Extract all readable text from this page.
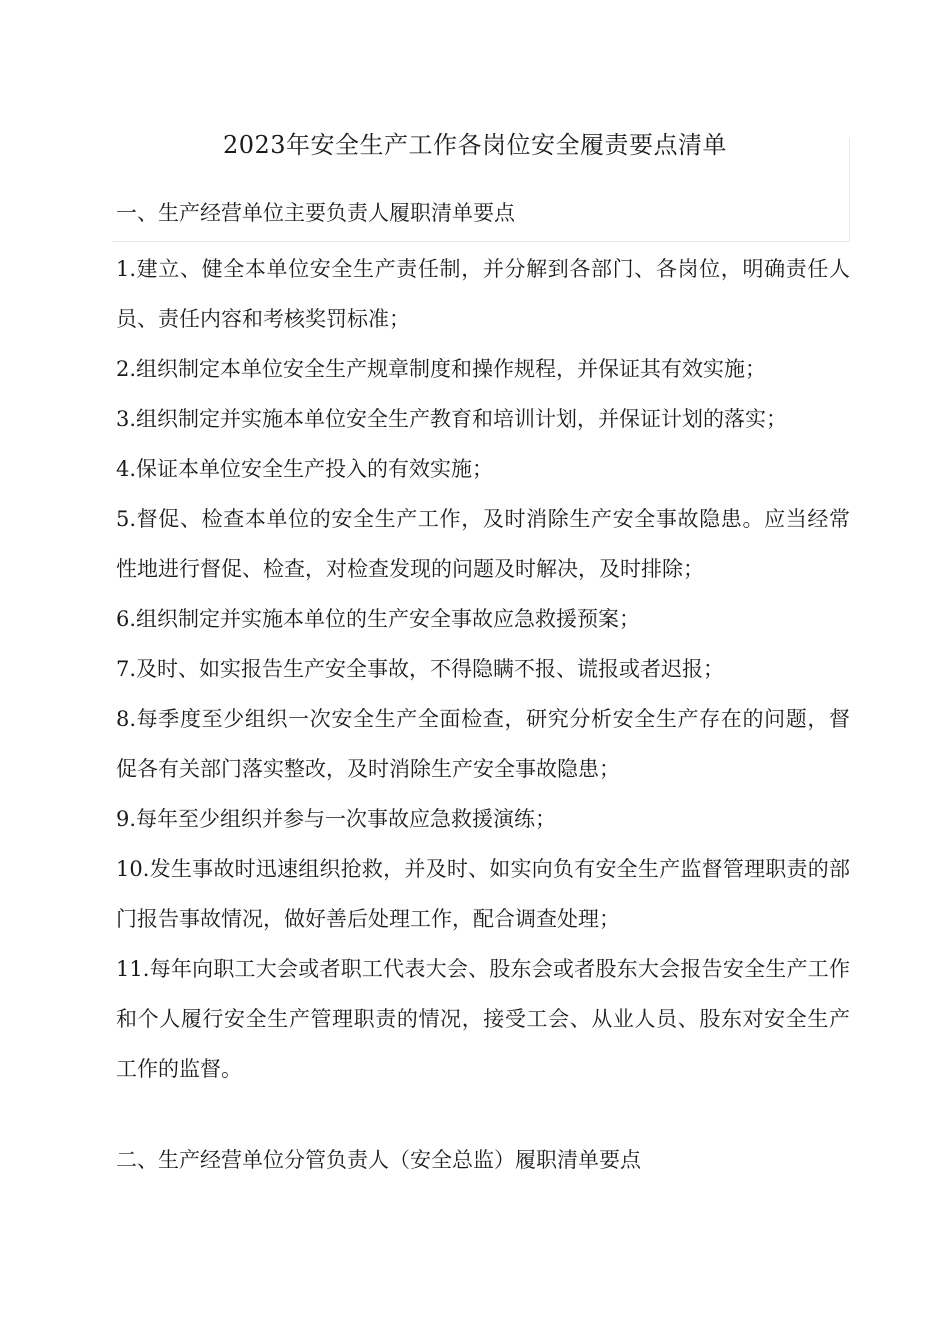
2023年安全生产工作各岗位安全履责要点清单
一、生产经营单位主要负责人履职清单要点
1.建立、健全本单位安全生产责任制，并分解到各部门、各岗位，明确责任人员、责任内容和考核奖罚标准；
2.组织制定本单位安全生产规章制度和操作规程，并保证其有效实施；
3.组织制定并实施本单位安全生产教育和培训计划，并保证计划的落实；
4.保证本单位安全生产投入的有效实施；
5.督促、检查本单位的安全生产工作，及时消除生产安全事故隐患。应当经常性地进行督促、检查，对检查发现的问题及时解决，及时排除；
6.组织制定并实施本单位的生产安全事故应急救援预案；
7.及时、如实报告生产安全事故，不得隐瞒不报、谎报或者迟报；
8.每季度至少组织一次安全生产全面检查，研究分析安全生产存在的问题，督促各有关部门落实整改，及时消除生产安全事故隐患；
9.每年至少组织并参与一次事故应急救援演练；
10.发生事故时迅速组织抢救，并及时、如实向负有安全生产监督管理职责的部门报告事故情况，做好善后处理工作，配合调查处理；
11.每年向职工大会或者职工代表大会、股东会或者股东大会报告安全生产工作和个人履行安全生产管理职责的情况，接受工会、从业人员、股东对安全生产工作的监督。
二、生产经营单位分管负责人（安全总监）履职清单要点
